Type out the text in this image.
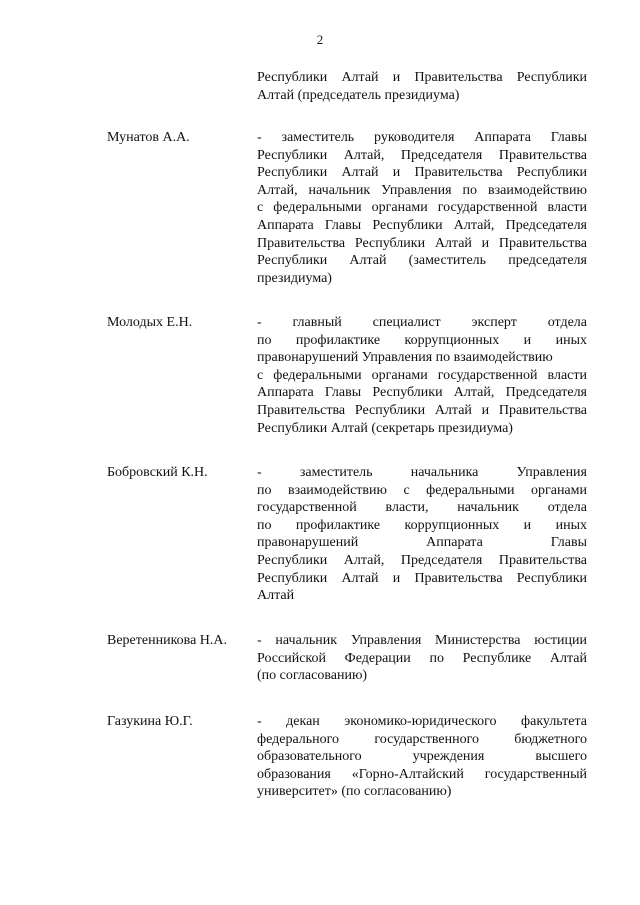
2
Республики Алтай и Правительства Республики
Алтай (председатель президиума)
Мунатов А.А.	- заместитель руководителя Аппарата Главы
Республики Алтай, Председателя Правительства
Республики Алтай и Правительства Республики
Алтай, начальник Управления по взаимодействию
с федеральными органами государственной власти
Аппарата Главы Республики Алтай, Председателя
Правительства Республики Алтай и Правительства
Республики Алтай (заместитель председателя
президиума)
Молодых Е.Н.	- главный специалист эксперт отдела
по профилактике коррупционных и иных
правонарушений Управления по взаимодействию
с федеральными органами государственной власти
Аппарата Главы Республики Алтай, Председателя
Правительства Республики Алтай и Правительства
Республики Алтай (секретарь президиума)
Бобровский К.Н.	- заместитель начальника Управления
по взаимодействию с федеральными органами
государственной власти, начальник отдела
по профилактике коррупционных и иных
правонарушений Аппарата Главы
Республики Алтай, Председателя Правительства
Республики Алтай и Правительства Республики
Алтай
Веретенникова Н.А. - начальник Управления Министерства юстиции
Российской Федерации по Республике Алтай
(по согласованию)
Газукина Ю.Г.	- декан экономико-юридического факультета
федерального государственного бюджетного
образовательного учреждения высшего
образования «Горно-Алтайский государственный
университет» (по согласованию)
